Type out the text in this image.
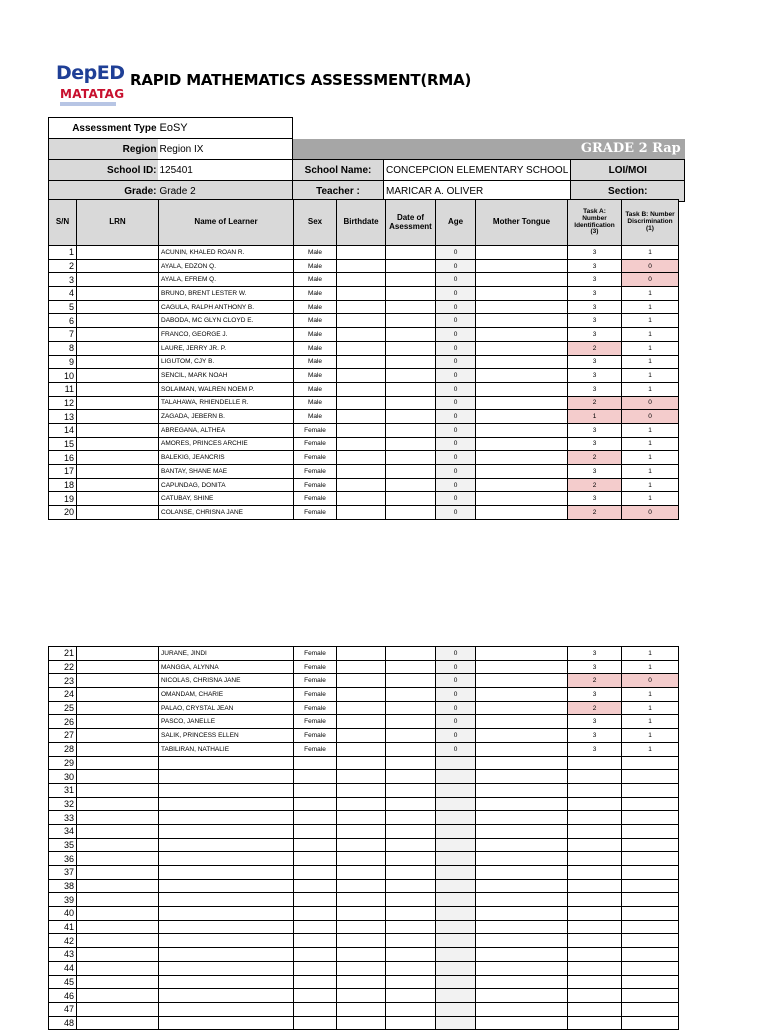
DepED
MATATAG
RAPID MATHEMATICS ASSESSMENT(RMA)
Assessment Type	EoSY			
Region	Region IX	GRADE 2 Rap		
School ID:	125401	School Name:	CONCEPCION ELEMENTARY SCHOOL	LOI/MOI
Grade:	Grade 2	Teacher :	MARICAR A. OLIVER	Section:
S/N	LRN	Name of Learner	Sex	Birthdate	Date of Asessment	Age	Mother Tongue	Task A: Number Identification (3)	Task B: Number Discrimination (1)
1		ACUNIN, KHALED ROAN R.	Male			0		3	1
2		AYALA, EDZON Q.	Male			0		3	0
3		AYALA, EFREM Q.	Male			0		3	0
4		BRUNO, BRENT LESTER W.	Male			0		3	1
5		CAGULA, RALPH ANTHONY B.	Male			0		3	1
6		DABODA, MC GLYN CLOYD E.	Male			0		3	1
7		FRANCO, GEORGE J.	Male			0		3	1
8		LAURE, JERRY JR. P.	Male			0		2	1
9		LIGUTOM, CJY B.	Male			0		3	1
10		SENCIL, MARK NOAH	Male			0		3	1
11		SOLAIMAN, WALREN NOEM P.	Male			0		3	1
12		TALAHAWA, RHIENDELLE R.	Male			0		2	0
13		ZAGADA, JEBERN B.	Male			0		1	0
14		ABREGANA, ALTHEA	Female			0		3	1
15		AMORES, PRINCES ARCHIE	Female			0		3	1
16		BALEKIG, JEANCRIS	Female			0		2	1
17		BANTAY, SHANE MAE	Female			0		3	1
18		CAPUNDAG, DONITA	Female			0		2	1
19		CATUBAY, SHINE	Female			0		3	1
20		COLANSE, CHRISNA JANE	Female			0		2	0
21		JURANE, JINDI	Female			0		3	1
22		MANGGA, ALYNNA	Female			0		3	1
23		NICOLAS, CHRISNA JANE	Female			0		2	0
24		OMANDAM, CHARIE	Female			0		3	1
25		PALAO, CRYSTAL JEAN	Female			0		2	1
26		PASCO, JANELLE	Female			0		3	1
27		SALIK, PRINCESS ELLEN	Female			0		3	1
28		TABILIRAN, NATHALIE	Female			0		3	1
29									
30									
31									
32									
33									
34									
35									
36									
37									
38									
39									
40									
41									
42									
43									
44									
45									
46									
47									
48									
